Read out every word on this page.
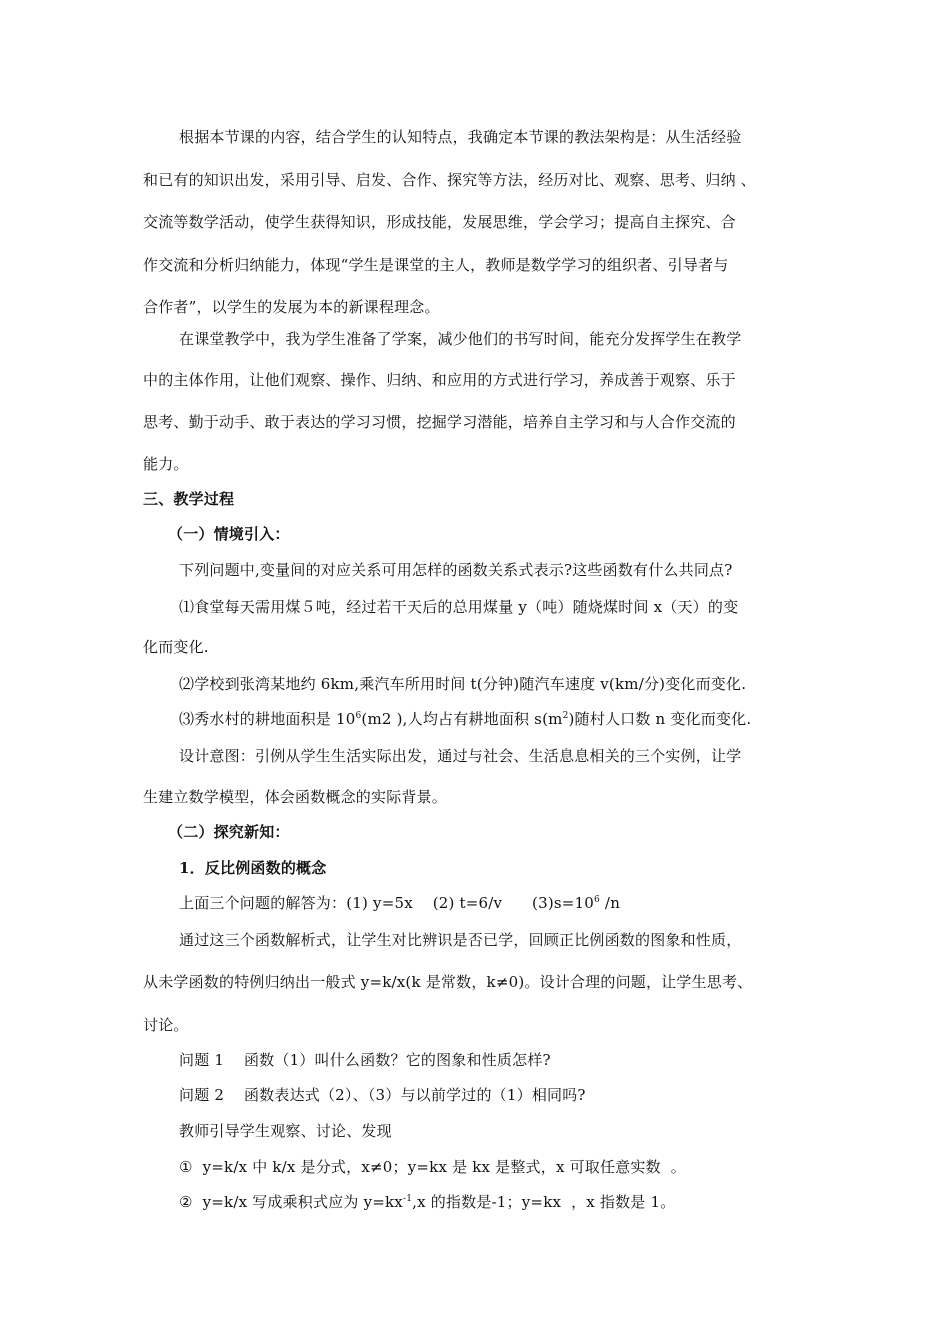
根据本节课的内容，结合学生的认知特点，我确定本节课的教法架构是：从生活经验
和已有的知识出发，采用引导、启发、合作、探究等方法，经历对比、观察、思考、归纳 、
交流等数学活动，使学生获得知识，形成技能，发展思维，学会学习；提高自主探究、合
作交流和分析归纳能力，体现“学生是课堂的主人，教师是数学学习的组织者、引导者与
合作者”，以学生的发展为本的新课程理念。
在课堂教学中，我为学生准备了学案，减少他们的书写时间，能充分发挥学生在教学
中的主体作用，让他们观察、操作、归纳、和应用的方式进行学习，养成善于观察、乐于
思考、勤于动手、敢于表达的学习习惯，挖掘学习潜能，培养自主学习和与人合作交流的
能力。
三、教学过程
（一）情境引入：
下列问题中,变量间的对应关系可用怎样的函数关系式表示?这些函数有什么共同点?
⑴食堂每天需用煤５吨，经过若干天后的总用煤量 y（吨）随烧煤时间 x（天）的变
化而变化.
⑵学校到张湾某地约 6km,乘汽车所用时间 t(分钟)随汽车速度 v(km/分)变化而变化.
⑶秀水村的耕地面积是 $10^6(m2$ ),人均占有耕地面积 $s(m^2)$随村人口数 n 变化而变化.
设计意图：引例从学生生活实际出发，通过与社会、生活息息相关的三个实例，让学
生建立数学模型，体会函数概念的实际背景。
（二）探究新知：
1．反比例函数的概念
上面三个问题的解答为：(1) y=5x    (2) t=6/v      $(3)s=10^6$ /n
通过这三个函数解析式，让学生对比辨识是否已学，回顾正比例函数的图象和性质，
从未学函数的特例归纳出一般式 y=k/x(k 是常数，k≠0)。设计合理的问题，让学生思考、
讨论。
问题 1    函数（1）叫什么函数？它的图象和性质怎样?
问题 2    函数表达式（2）、（3）与以前学过的（1）相同吗?
教师引导学生观察、讨论、发现
①  y=k/x 中 k/x 是分式，x≠0；y=kx 是 kx 是整式，x 可取任意实数  。
②  y=k/x 写成乘积式应为 $y=kx^{-1},x$ 的指数是-1；y=kx  ，x 指数是 1。
